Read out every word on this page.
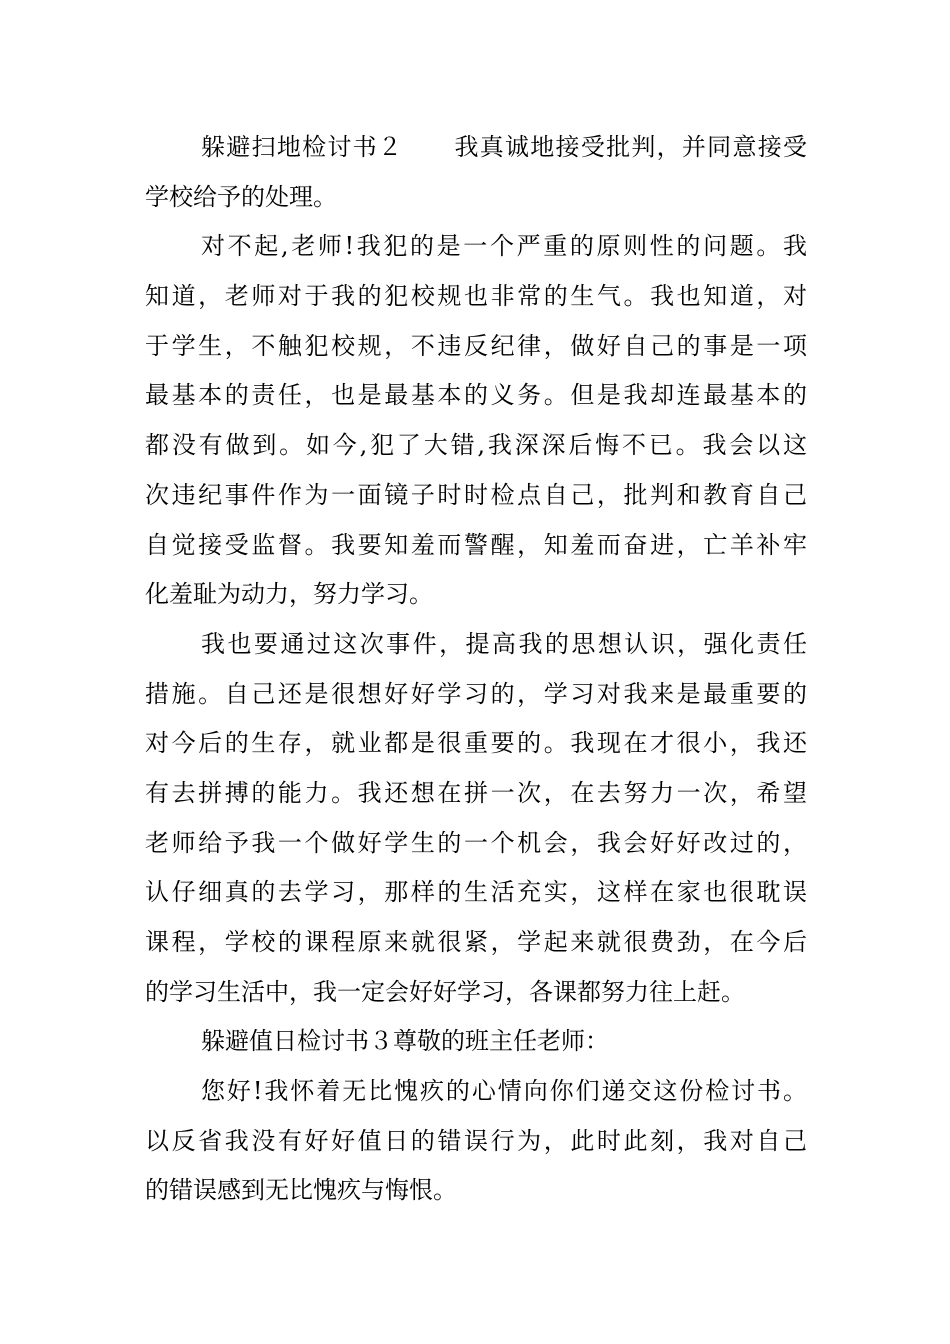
躲避扫地检讨书２ 我真诚地接受批判，并同意接受
学校给予的处理。
对不起,老师!我犯的是一个严重的原则性的问题。我
知道，老师对于我的犯校规也非常的生气。我也知道，对
于学生，不触犯校规，不违反纪律，做好自己的事是一项
最基本的责任，也是最基本的义务。但是我却连最基本的
都没有做到。如今,犯了大错,我深深后悔不已。我会以这
次违纪事件作为一面镜子时时检点自己，批判和教育自己
自觉接受监督。我要知羞而警醒，知羞而奋进，亡羊补牢
化羞耻为动力，努力学习。
我也要通过这次事件，提高我的思想认识，强化责任
措施。自己还是很想好好学习的，学习对我来是最重要的
对今后的生存，就业都是很重要的。我现在才很小，我还
有去拼搏的能力。我还想在拼一次，在去努力一次，希望
老师给予我一个做好学生的一个机会，我会好好改过的，
认仔细真的去学习，那样的生活充实，这样在家也很耽误
课程，学校的课程原来就很紧，学起来就很费劲，在今后
的学习生活中，我一定会好好学习，各课都努力往上赶。
躲避值日检讨书３尊敬的班主任老师：
您好!我怀着无比愧疚的心情向你们递交这份检讨书。
以反省我没有好好值日的错误行为，此时此刻，我对自己
的错误感到无比愧疚与悔恨。
